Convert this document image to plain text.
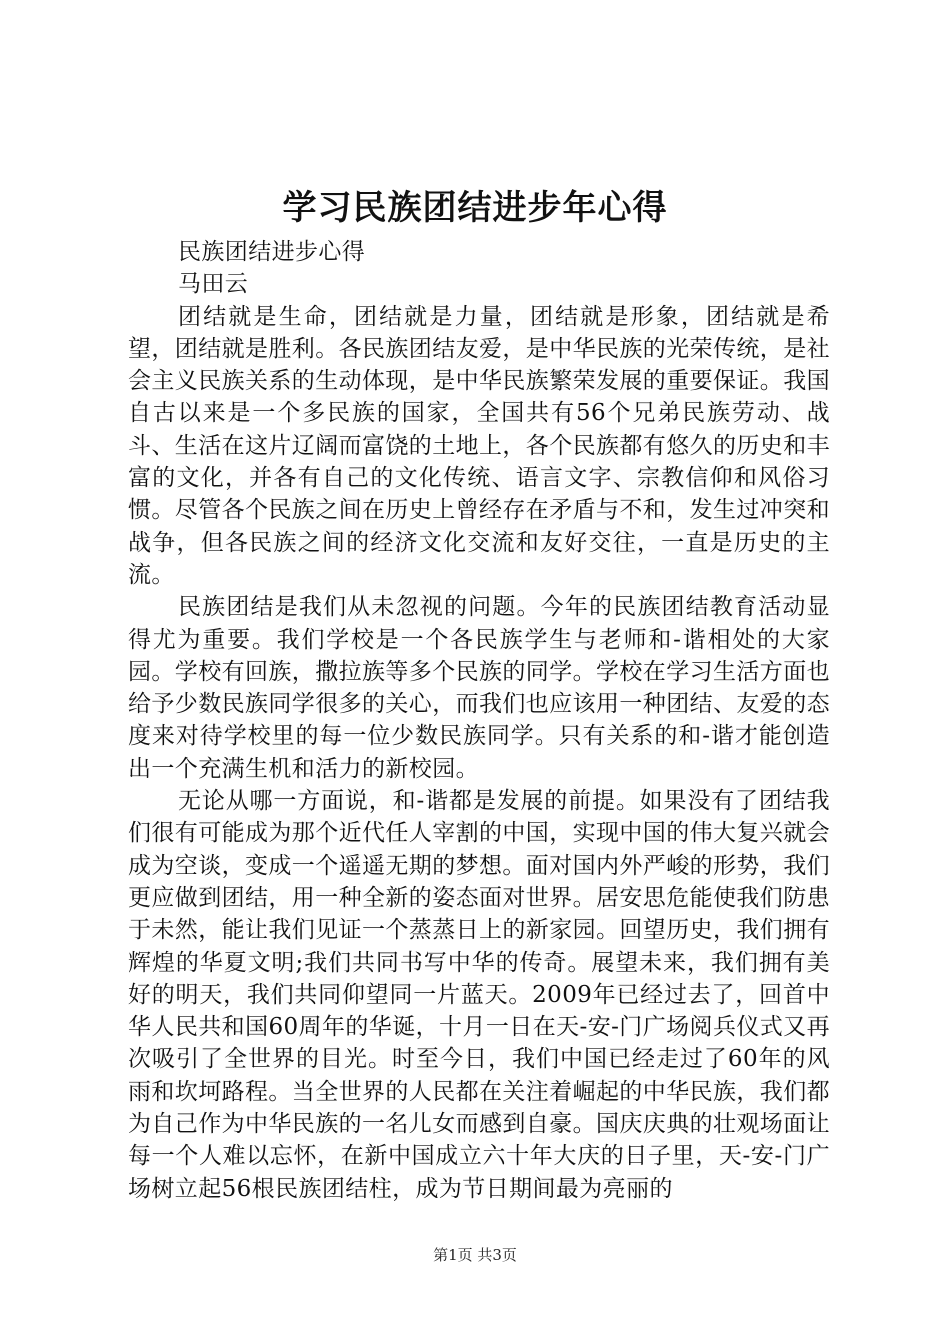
学习民族团结进步年心得

民族团结进步心得

马田云

团结就是生命，团结就是力量，团结就是形象，团结就是希望，团结就是胜利。各民族团结友爱，是中华民族的光荣传统，是社会主义民族关系的生动体现，是中华民族繁荣发展的重要保证。我国自古以来是一个多民族的国家，全国共有56个兄弟民族劳动、战斗、生活在这片辽阔而富饶的土地上，各个民族都有悠久的历史和丰富的文化，并各有自己的文化传统、语言文字、宗教信仰和风俗习惯。尽管各个民族之间在历史上曾经存在矛盾与不和，发生过冲突和战争，但各民族之间的经济文化交流和友好交往，一直是历史的主流。

民族团结是我们从未忽视的问题。今年的民族团结教育活动显得尤为重要。我们学校是一个各民族学生与老师和-谐相处的大家园。学校有回族，撒拉族等多个民族的同学。学校在学习生活方面也给予少数民族同学很多的关心，而我们也应该用一种团结、友爱的态度来对待学校里的每一位少数民族同学。只有关系的和-谐才能创造出一个充满生机和活力的新校园。

无论从哪一方面说，和-谐都是发展的前提。如果没有了团结我们很有可能成为那个近代任人宰割的中国，实现中国的伟大复兴就会成为空谈，变成一个遥遥无期的梦想。面对国内外严峻的形势，我们更应做到团结，用一种全新的姿态面对世界。居安思危能使我们防患于未然，能让我们见证一个蒸蒸日上的新家园。回望历史，我们拥有辉煌的华夏文明;我们共同书写中华的传奇。展望未来，我们拥有美好的明天，我们共同仰望同一片蓝天。2009年已经过去了，回首中华人民共和国60周年的华诞，十月一日在天-安-门广场阅兵仪式又再次吸引了全世界的目光。时至今日，我们中国已经走过了60年的风雨和坎坷路程。当全世界的人民都在关注着崛起的中华民族，我们都为自己作为中华民族的一名儿女而感到自豪。国庆庆典的壮观场面让每一个人难以忘怀，在新中国成立六十年大庆的日子里，天-安-门广场树立起56根民族团结柱，成为节日期间最为亮丽的

第1页 共3页
